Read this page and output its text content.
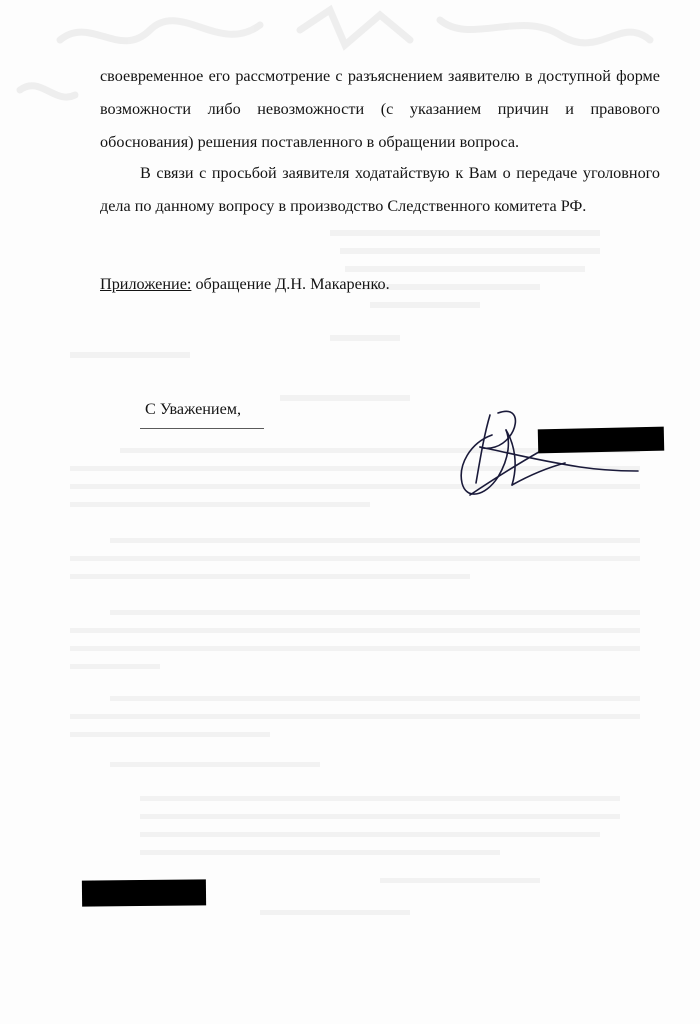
своевременное его рассмотрение с разъяснением заявителю в доступной форме возможности либо невозможности (с указанием причин и правового обоснования) решения поставленного в обращении вопроса.
В связи с просьбой заявителя ходатайствую к Вам о передаче уголовного дела по данному вопросу в производство Следственного комитета РФ.
Приложение: обращение Д.Н. Макаренко.
С Уважением,
